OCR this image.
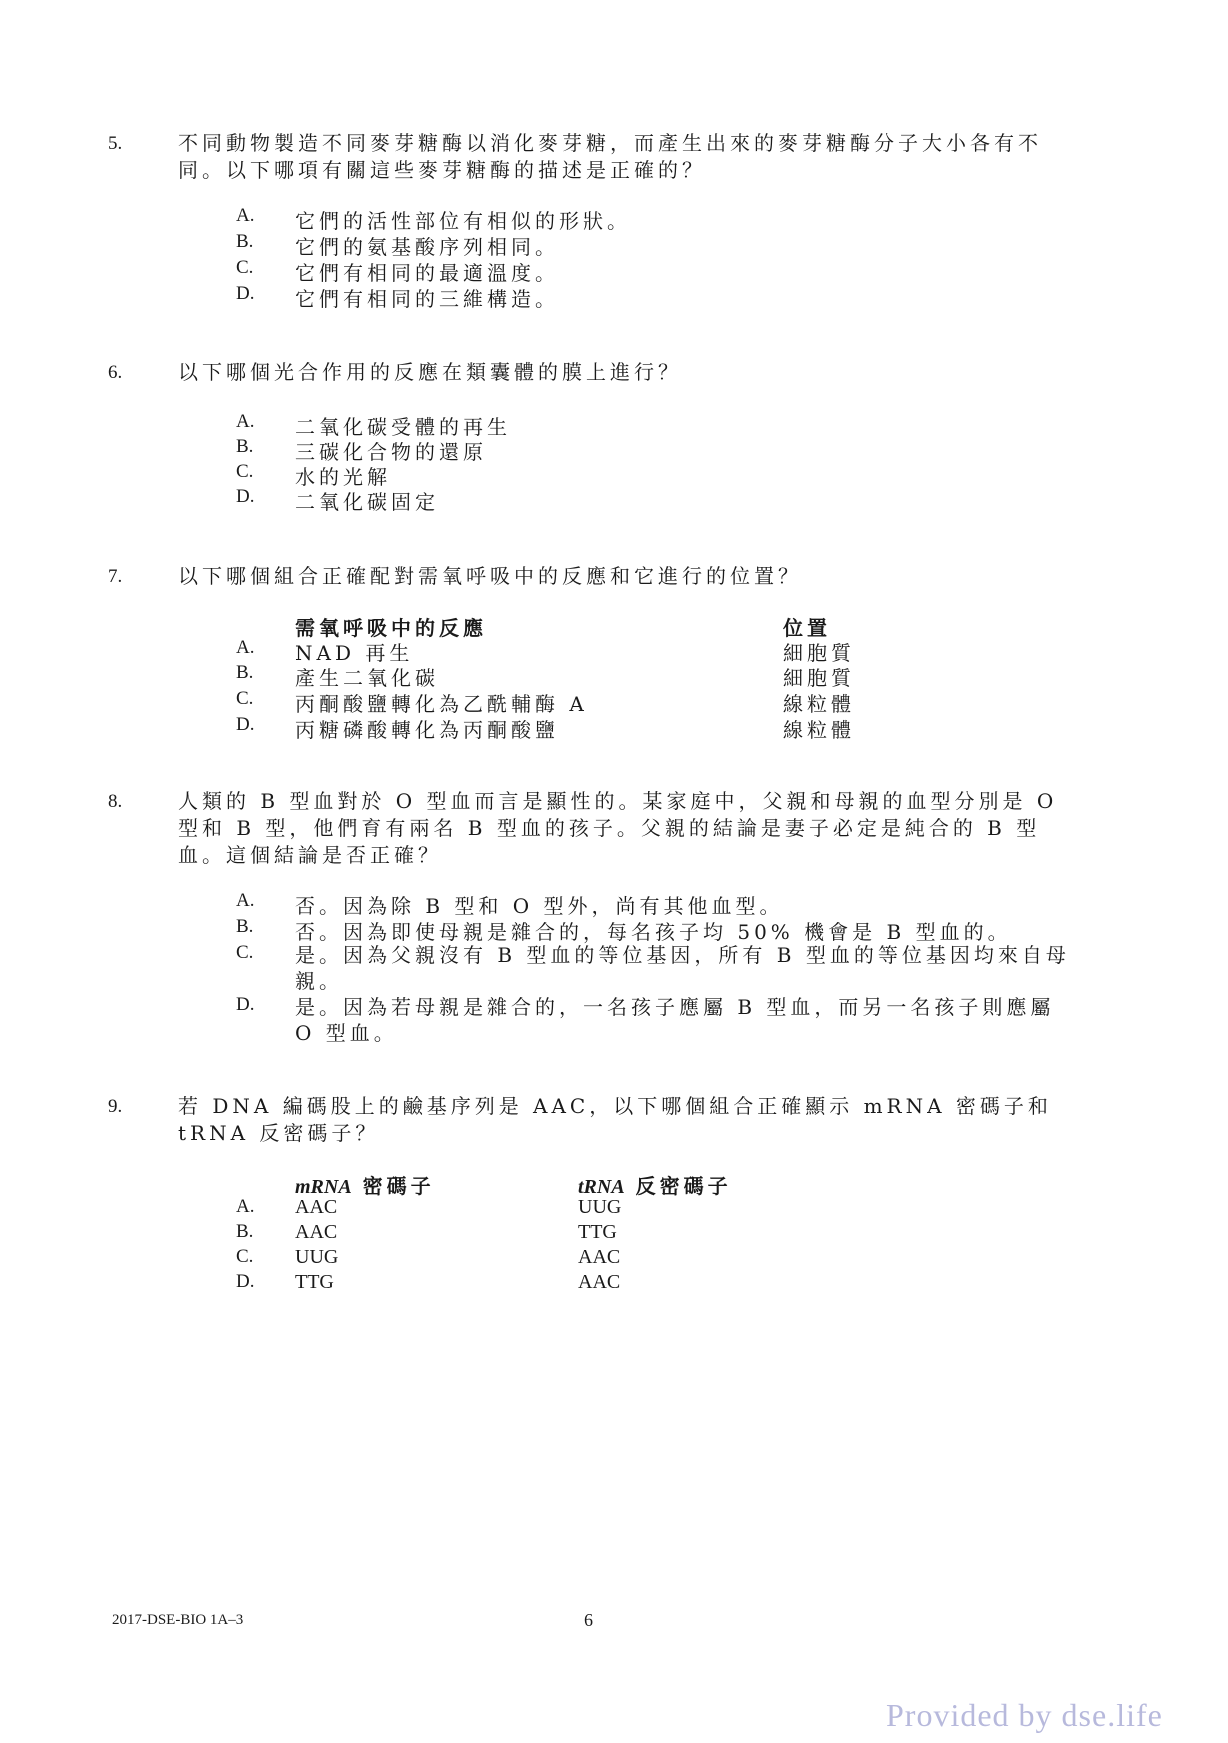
5.	不同動物製造不同麥芽糖酶以消化麥芽糖，而產生出來的麥芽糖酶分子大小各有不同。以下哪項有關這些麥芽糖酶的描述是正確的？
A. 它們的活性部位有相似的形狀。
B. 它們的氨基酸序列相同。
C. 它們有相同的最適溫度。
D. 它們有相同的三維構造。
6.	以下哪個光合作用的反應在類囊體的膜上進行？
A. 二氧化碳受體的再生
B. 三碳化合物的還原
C. 水的光解
D. 二氧化碳固定
7.	以下哪個組合正確配對需氧呼吸中的反應和它進行的位置？
需氧呼吸中的反應	位置
A. NAD 再生	細胞質
B. 產生二氧化碳	細胞質
C. 丙酮酸鹽轉化為乙酰輔酶 A	線粒體
D. 丙糖磷酸轉化為丙酮酸鹽	線粒體
8.	人類的 B 型血對於 O 型血而言是顯性的。某家庭中，父親和母親的血型分別是 O 型和 B 型，他們育有兩名 B 型血的孩子。父親的結論是妻子必定是純合的 B 型血。這個結論是否正確？
A. 否。因為除 B 型和 O 型外，尚有其他血型。
B. 否。因為即使母親是雜合的，每名孩子均 50% 機會是 B 型血的。
C. 是。因為父親沒有 B 型血的等位基因，所有 B 型血的等位基因均來自母親。
D. 是。因為若母親是雜合的，一名孩子應屬 B 型血，而另一名孩子則應屬 O 型血。
9.	若 DNA 編碼股上的鹼基序列是 AAC，以下哪個組合正確顯示 mRNA 密碼子和 tRNA 反密碼子？
mRNA 密碼子	tRNA 反密碼子
A. AAC	UUG
B. AAC	TTG
C. UUG	AAC
D. TTG	AAC
2017-DSE-BIO 1A–3	6
Provided by dse.life
